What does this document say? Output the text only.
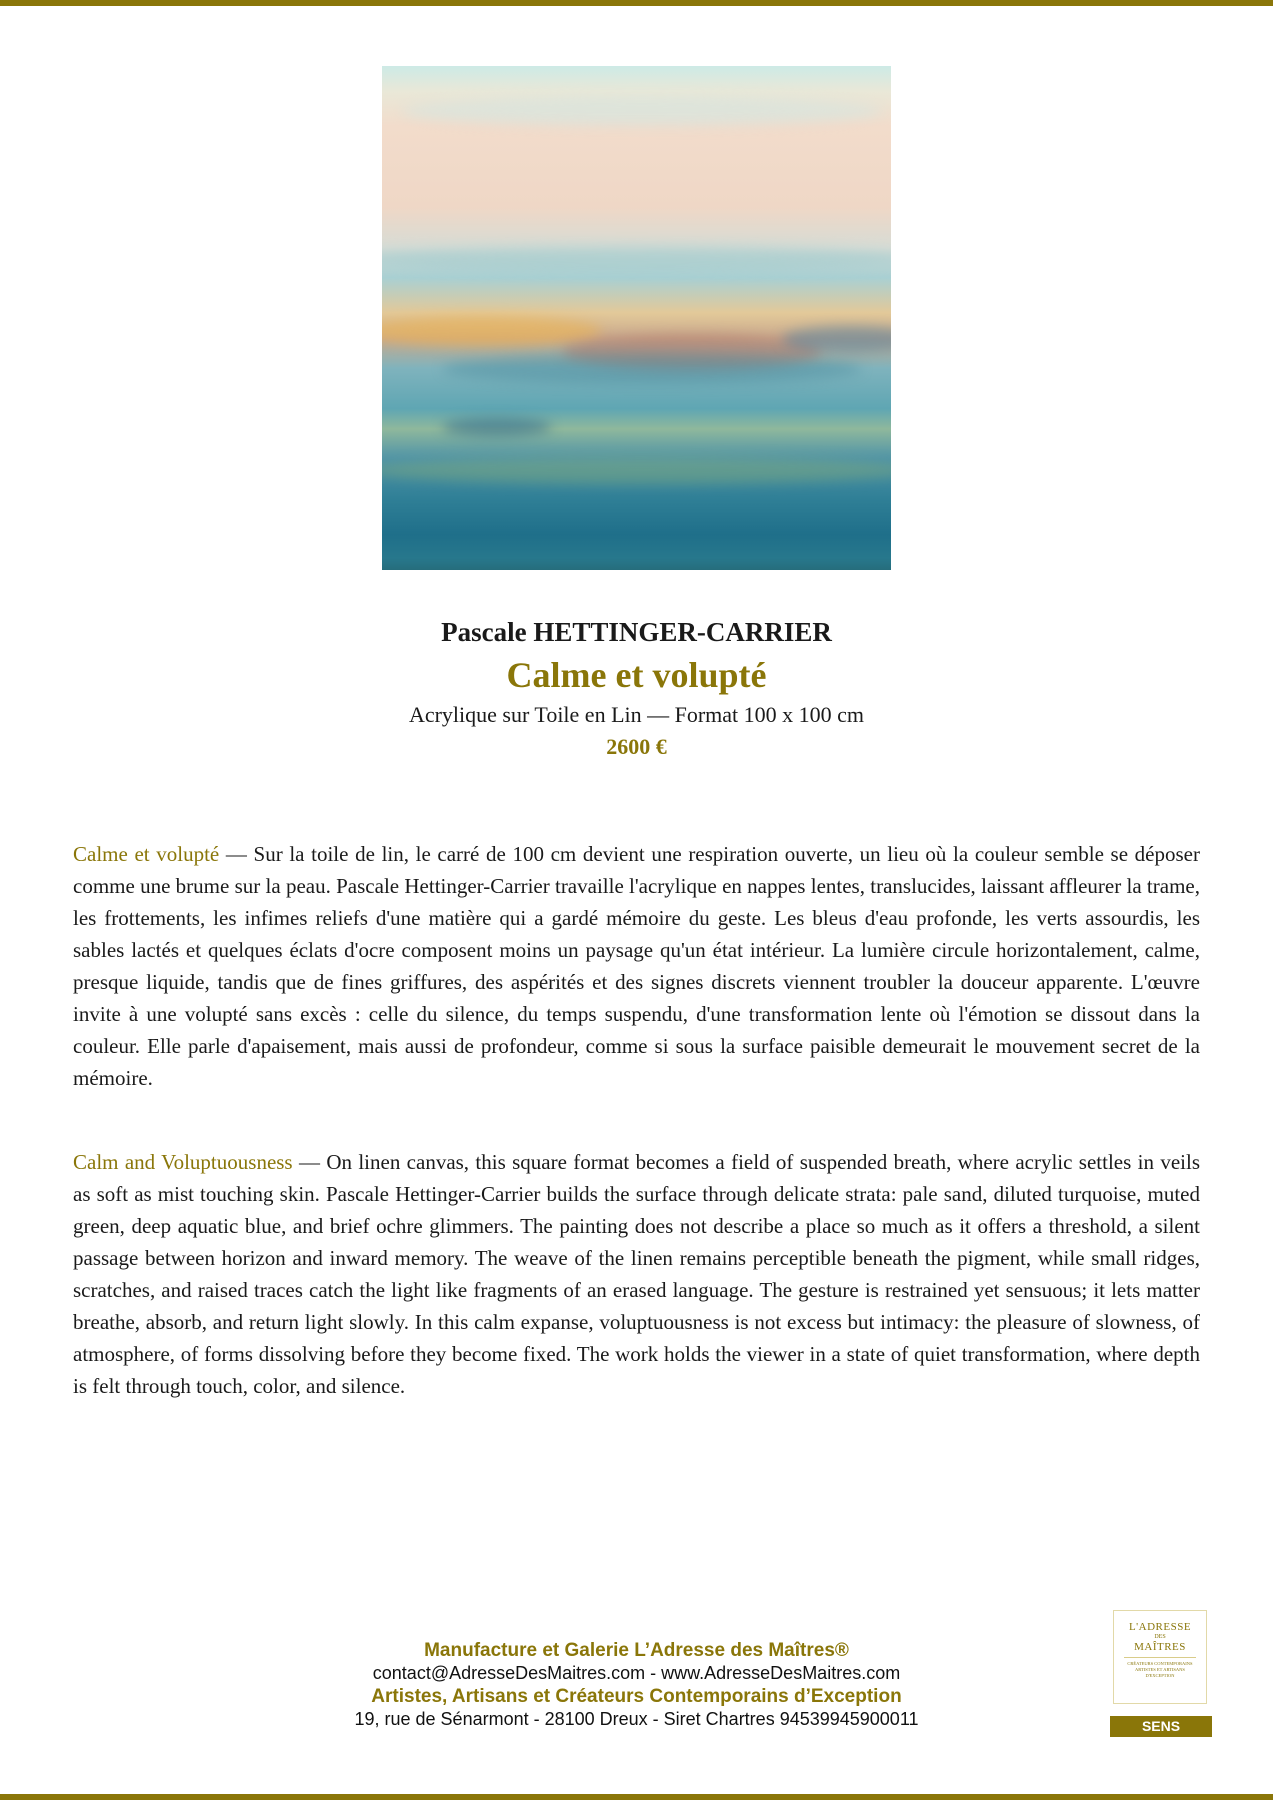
Pascale HETTINGER-CARRIER
Calme et volupté
Acrylique sur Toile en Lin — Format 100 x 100 cm
2600 €
Calme et volupté — Sur la toile de lin, le carré de 100 cm devient une respiration ouverte, un lieu où la couleur semble se déposer comme une brume sur la peau. Pascale Hettinger-Carrier travaille l'acrylique en nappes lentes, translucides, laissant affleurer la trame, les frottements, les infimes reliefs d'une matière qui a gardé mémoire du geste. Les bleus d'eau profonde, les verts assourdis, les sables lactés et quelques éclats d'ocre composent moins un paysage qu'un état intérieur. La lumière circule horizontalement, calme, presque liquide, tandis que de fines griffures, des aspérités et des signes discrets viennent troubler la douceur apparente. L'œuvre invite à une volupté sans excès : celle du silence, du temps suspendu, d'une transformation lente où l'émotion se dissout dans la couleur. Elle parle d'apaisement, mais aussi de profondeur, comme si sous la surface paisible demeurait le mouvement secret de la mémoire.
Calm and Voluptuousness — On linen canvas, this square format becomes a field of suspended breath, where acrylic settles in veils as soft as mist touching skin. Pascale Hettinger-Carrier builds the surface through delicate strata: pale sand, diluted turquoise, muted green, deep aquatic blue, and brief ochre glimmers. The painting does not describe a place so much as it offers a threshold, a silent passage between horizon and inward memory. The weave of the linen remains perceptible beneath the pigment, while small ridges, scratches, and raised traces catch the light like fragments of an erased language. The gesture is restrained yet sensuous; it lets matter breathe, absorb, and return light slowly. In this calm expanse, voluptuousness is not excess but intimacy: the pleasure of slowness, of atmosphere, of forms dissolving before they become fixed. The work holds the viewer in a state of quiet transformation, where depth is felt through touch, color, and silence.
Manufacture et Galerie L’Adresse des Maîtres®
contact@AdresseDesMaitres.com - www.AdresseDesMaitres.com
Artistes, Artisans et Créateurs Contemporains d’Exception
19, rue de Sénarmont - 28100 Dreux - Siret Chartres 94539945900011
L'ADRESSE
DES
MAÎTRES
CRÉATEURS CONTEMPORAINS ARTISTES ET ARTISANS D'EXCEPTION
SENS
